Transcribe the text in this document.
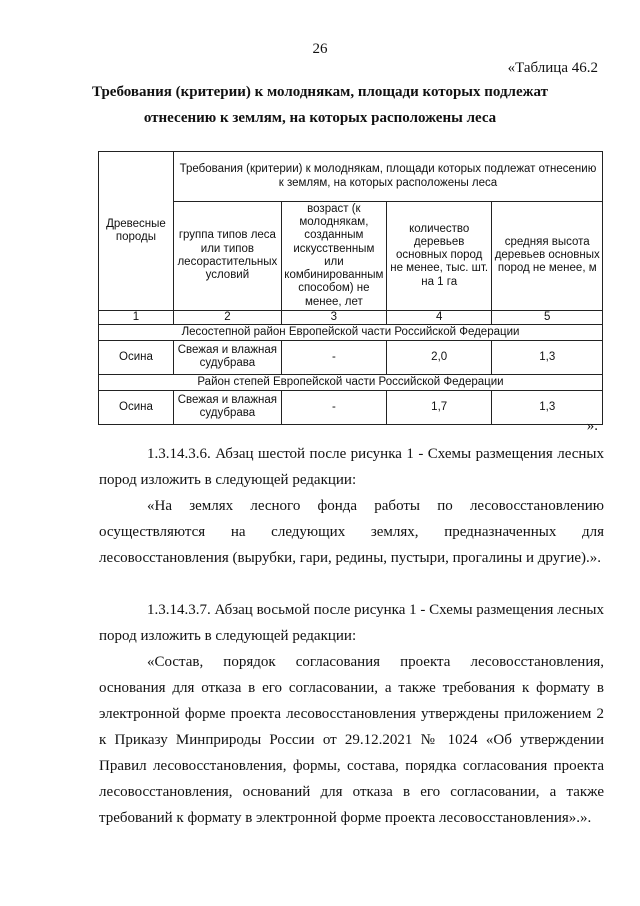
26
«Таблица 46.2
Требования (критерии) к молоднякам, площади которых подлежат
отнесению к землям, на которых расположены леса
Древесные породы	Требования (критерии) к молоднякам, площади которых подлежат отнесению к землям, на которых расположены леса			
	группа типов леса или типов лесорастительных условий	возраст (к молоднякам, созданным искусственным или комбинированным способом) не менее, лет	количество деревьев основных пород не менее, тыс. шт. на 1 га	средняя высота деревьев основных пород не менее, м
1	2	3	4	5
Лесостепной район Европейской части Российской Федерации				
Осина	Свежая и влажная судубрава	-	2,0	1,3
Район степей Европейской части Российской Федерации				
Осина	Свежая и влажная судубрава	-	1,7	1,3
».

1.3.14.3.6. Абзац шестой после рисунка 1 - Схемы размещения лесных пород изложить в следующей редакции:

«На землях лесного фонда работы по лесовосстановлению осуществляются на следующих землях, предназначенных для лесовосстановления (вырубки, гари, редины, пустыри, прогалины и другие).».

1.3.14.3.7. Абзац восьмой после рисунка 1 - Схемы размещения лесных пород изложить в следующей редакции:

«Состав, порядок согласования проекта лесовосстановления, основания для отказа в его согласовании, а также требования к формату в электронной форме проекта лесовосстановления утверждены приложением 2 к Приказу Минприроды России от 29.12.2021 № 1024 «Об утверждении Правил лесовосстановления, формы, состава, порядка согласования проекта лесовосстановления, оснований для отказа в его согласовании, а также требований к формату в электронной форме проекта лесовосстановления».».
